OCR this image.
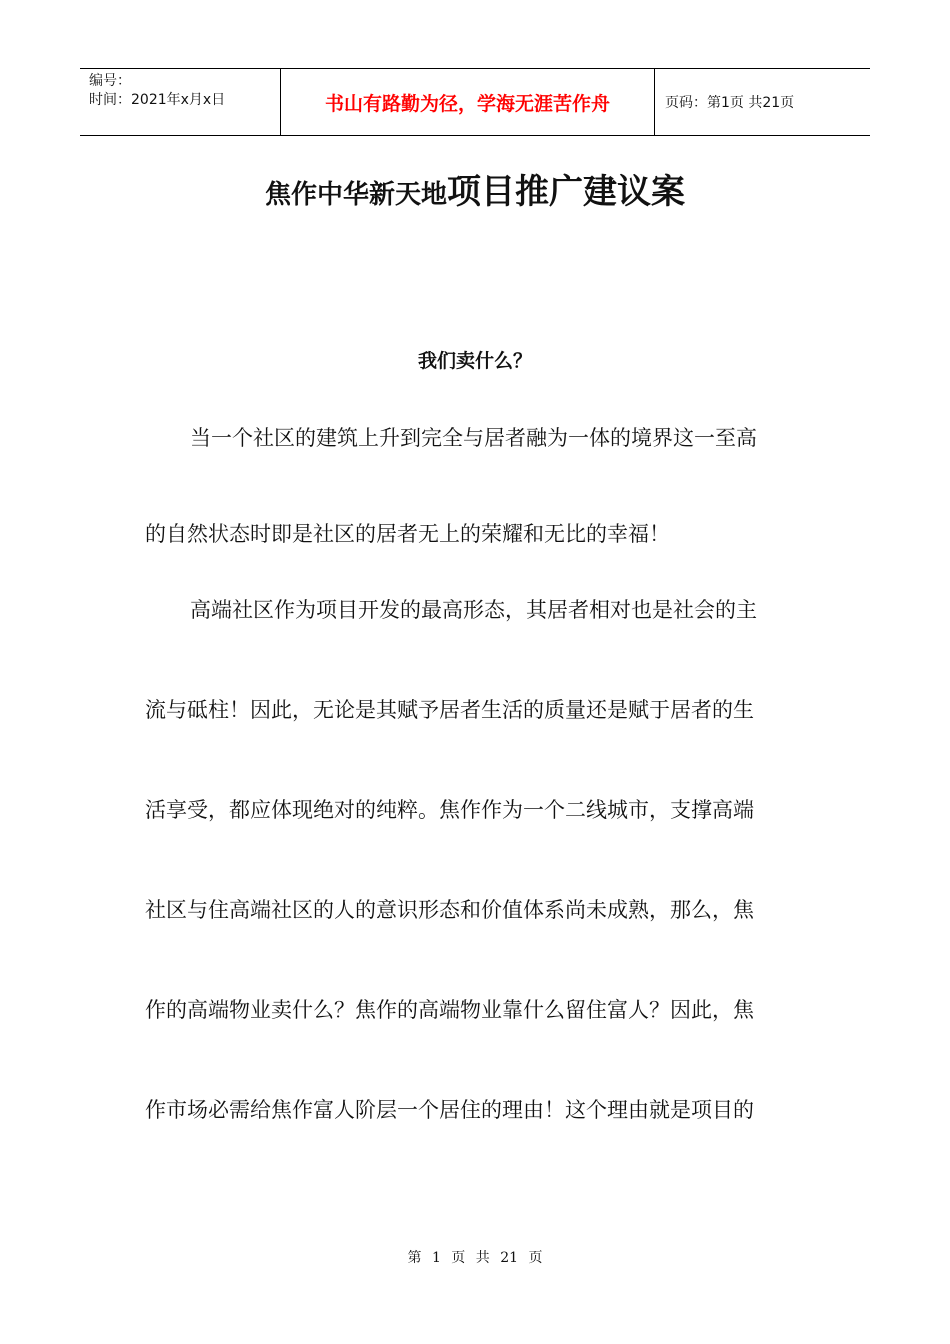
编号：
时间：2021年x月x日	书山有路勤为径，学海无涯苦作舟	页码：第1页 共21页
焦作中华新天地项目推广建议案
我们卖什么？
当一个社区的建筑上升到完全与居者融为一体的境界这一至高
的自然状态时即是社区的居者无上的荣耀和无比的幸福！
高端社区作为项目开发的最高形态，其居者相对也是社会的主
流与砥柱！因此，无论是其赋予居者生活的质量还是赋于居者的生
活享受，都应体现绝对的纯粹。焦作作为一个二线城市，支撑高端
社区与住高端社区的人的意识形态和价值体系尚未成熟，那么，焦
作的高端物业卖什么？焦作的高端物业靠什么留住富人？因此，焦
作市场必需给焦作富人阶层一个居住的理由！这个理由就是项目的
第 1 页 共 21 页
